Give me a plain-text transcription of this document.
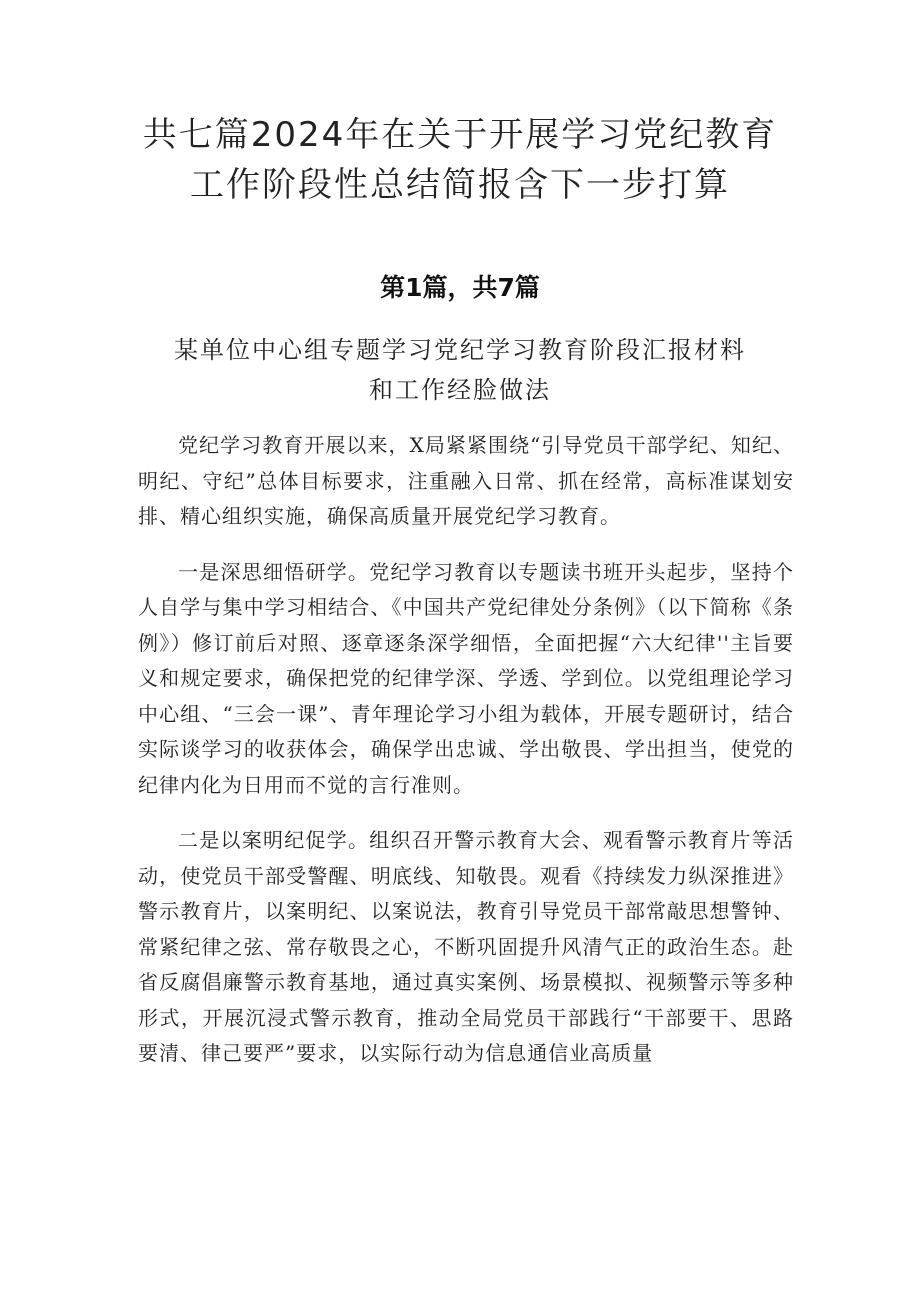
共七篇2024年在关于开展学习党纪教育工作阶段性总结简报含下一步打算
第1篇，共7篇
某单位中心组专题学习党纪学习教育阶段汇报材料
和工作经脸做法

党纪学习教育开展以来，X局紧紧围绕“引导党员干部学纪、知纪、明纪、守纪”总体目标要求，注重融入日常、抓在经常，高标准谋划安排、精心组织实施，确保高质量开展党纪学习教育。

一是深思细悟研学。党纪学习教育以专题读书班开头起步，坚持个人自学与集中学习相结合、《中国共产党纪律处分条例》（以下简称《条例》）修订前后对照、逐章逐条深学细悟，全面把握“六大纪律''主旨要义和规定要求，确保把党的纪律学深、学透、学到位。以党组理论学习中心组、“三会一课”、青年理论学习小组为载体，开展专题研讨，结合实际谈学习的收获体会，确保学出忠诚、学出敬畏、学出担当，使党的纪律内化为日用而不觉的言行准则。

二是以案明纪促学。组织召开警示教育大会、观看警示教育片等活动，使党员干部受警醒、明底线、知敬畏。观看《持续发力纵深推进》警示教育片，以案明纪、以案说法，教育引导党员干部常敲思想警钟、常紧纪律之弦、常存敬畏之心，不断巩固提升风清气正的政治生态。赴省反腐倡廉警示教育基地，通过真实案例、场景模拟、视频警示等多种形式，开展沉浸式警示教育，推动全局党员干部践行“干部要干、思路要清、律己要严”要求，以实际行动为信息通信业高质量
